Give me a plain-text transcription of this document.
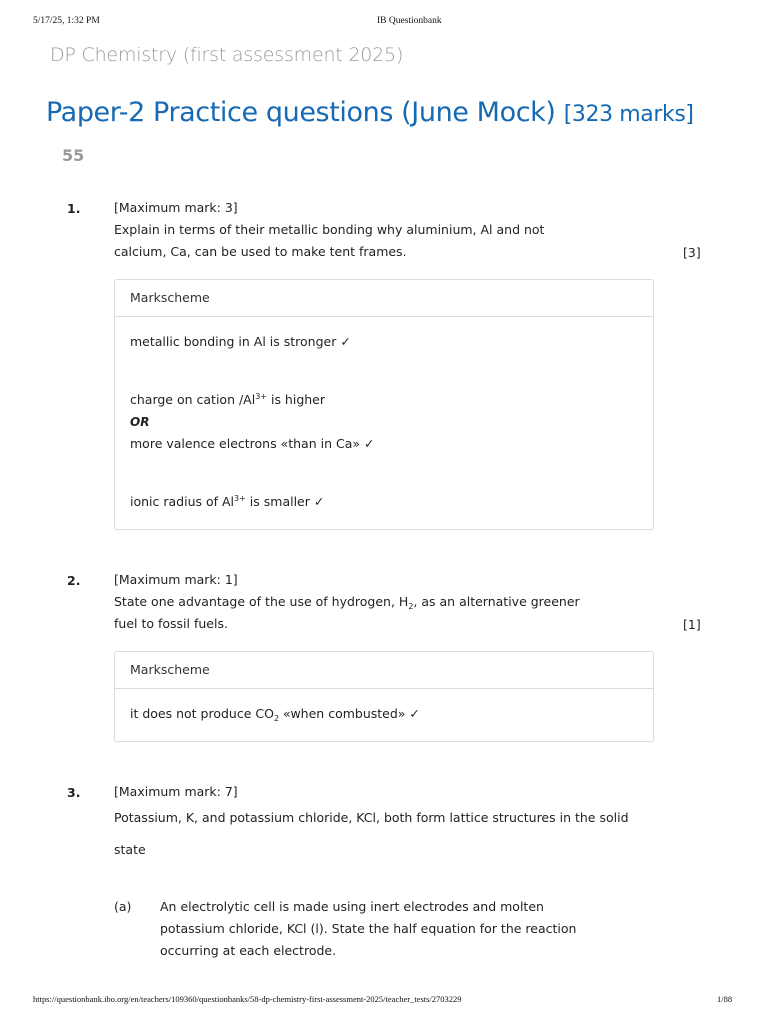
5/17/25, 1:32 PM	IB Questionbank
DP Chemistry (first assessment 2025)
Paper-2 Practice questions (June Mock) [323 marks]
55
1.	[Maximum mark: 3]
Explain in terms of their metallic bonding why aluminium, Al and not
calcium, Ca, can be used to make tent frames.	[3]
Markscheme
metallic bonding in Al is stronger ✓
charge on cation $/Al^{3+}$ is higher
OR
more valence electrons «than in Ca» ✓
ionic radius of $Al^{3+}$ is smaller ✓
2.	[Maximum mark: 1]
State one advantage of the use of hydrogen, $H_2$, as an alternative greener
fuel to fossil fuels.	[1]
Markscheme
it does not produce $CO_2$ «when combusted» ✓
3.	[Maximum mark: 7]
Potassium, K, and potassium chloride, KCl, both form lattice structures in the solid
state
(a) An electrolytic cell is made using inert electrodes and molten
potassium chloride, KCl (l). State the half equation for the reaction
occurring at each electrode.
https://questionbank.ibo.org/en/teachers/109360/questionbanks/58-dp-chemistry-first-assessment-2025/teacher_tests/2703229	1/88
